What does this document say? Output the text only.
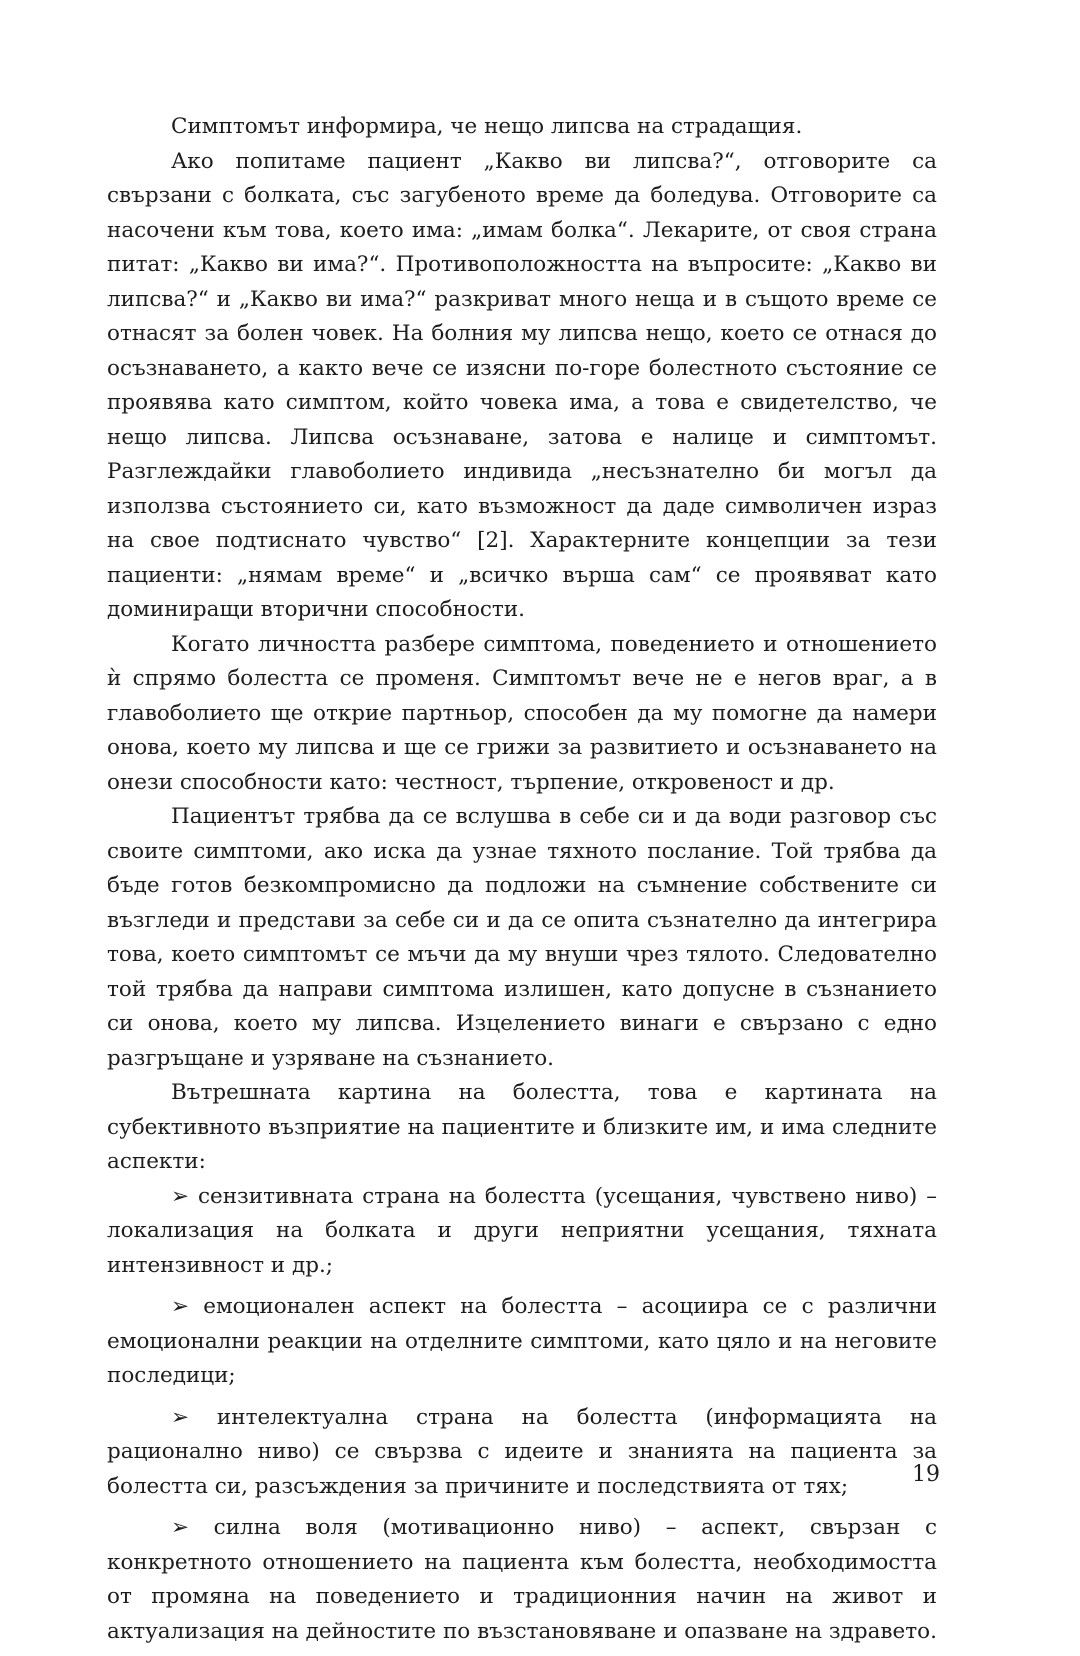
Симптомът информира, че нещо липсва на страдащия.

Ако попитаме пациент „Какво ви липсва?“, отговорите са свързани с болката, със загубеното време да боледува. Отговорите са насочени към това, което има: „имам болка“. Лекарите, от своя страна питат: „Какво ви има?“. Противоположността на въпросите: „Какво ви липсва?“ и „Какво ви има?“ разкриват много неща и в същото време се отнасят за болен човек. На болния му липсва нещо, което се отнася до осъзнаването, а както вече се изясни по-горе болестното състояние се проявява като симптом, който човека има, а това е свидетелство, че нещо липсва. Липсва осъзнаване, затова е налице и симптомът. Разглеждайки главоболието индивида „несъзнателно би могъл да използва състоянието си, като възможност да даде символичен израз на свое подтиснато чувство“ [2]. Характерните концепции за тези пациенти: „нямам време“ и „всичко върша сам“ се проявяват като доминиращи вторични способности.

Когато личността разбере симптома, поведението и отношението ѝ спрямо болестта се променя. Симптомът вече не е негов враг, а в главоболието ще открие партньор, способен да му помогне да намери онова, което му липсва и ще се грижи за развитието и осъзнаването на онези способности като: честност, търпение, откровеност и др.

Пациентът трябва да се вслушва в себе си и да води разговор със своите симптоми, ако иска да узнае тяхното послание. Той трябва да бъде готов безкомпромисно да подложи на съмнение собствените си възгледи и представи за себе си и да се опита съзнателно да интегрира това, което симптомът се мъчи да му внуши чрез тялото. Следователно той трябва да направи симптома излишен, като допусне в съзнанието си онова, което му липсва. Изцелението винаги е свързано с едно разгръщане и узряване на съзнанието.

Вътрешната картина на болестта, това е картината на субективното възприятие на пациентите и близките им, и има следните аспекти:

➢ сензитивната страна на болестта (усещания, чувствено ниво) – локализация на болката и други неприятни усещания, тяхната интензивност и др.;

➢ емоционален аспект на болестта – асоциира се с различни емоционални реакции на отделните симптоми, като цяло и на неговите последици;

➢ интелектуална страна на болестта (информацията на рационално ниво) се свързва с идеите и знанията на пациента за болестта си, разсъждения за причините и последствията от тях;

➢ силна воля (мотивационно ниво) – аспект, свързан с конкретното отношението на пациента към болестта, необходимостта от промяна на поведението и традиционния начин на живот и актуализация на дейностите по възстановяване и опазване на здравето.

19
